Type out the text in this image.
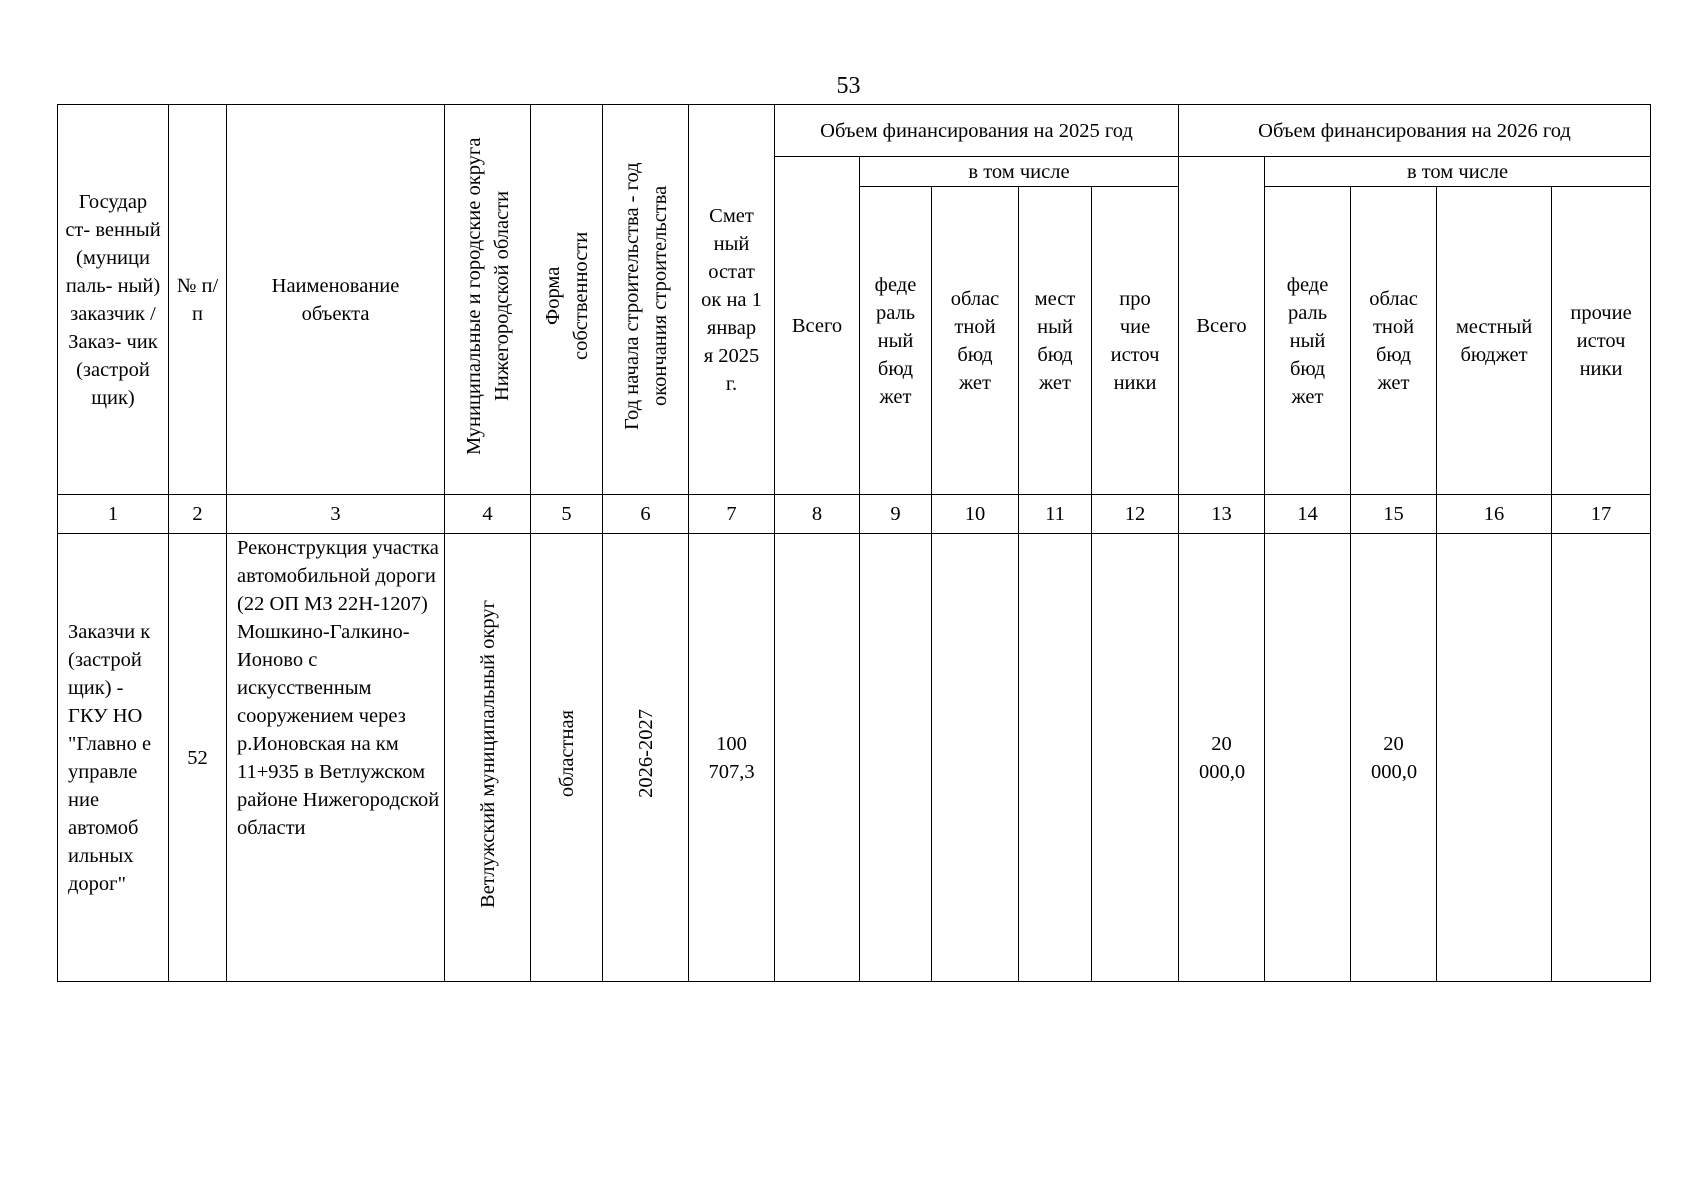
53
Государ ст- венный (муници паль- ный) заказчик / Заказ- чик (застрой щик)	№ п/п	Наименование объекта	Муниципальные и городские округа Нижегородской области	Форма собственности	Год начала строительства - год окончания строительства	Смет ный остат ок на 1 январ я 2025 г.	Объем финансирования на 2025 год					Объем финансирования на 2026 год				
							Всего	в том числе				Всего	в том числе			
								феде раль ный бюд жет	облас тной бюд жет	мест ный бюд жет	про чие источ ники		феде раль ный бюд жет	облас тной бюд жет	местный бюджет	прочие источ ники
1	2	3	4	5	6	7	8	9	10	11	12	13	14	15	16	17
Заказчи к (застрой щик) - ГКУ НО "Главно е управле ние автомоб ильных дорог"	52	Реконструкция участка автомобильной дороги (22 ОП МЗ 22Н-1207) Мошкино-Галкино-Ионово с искусственным сооружением через р.Ионовская на км 11+935 в Ветлужском районе Нижегородской области	Ветлужский муниципальный округ	областная	2026-2027	100 707,3						20 000,0		20 000,0		
